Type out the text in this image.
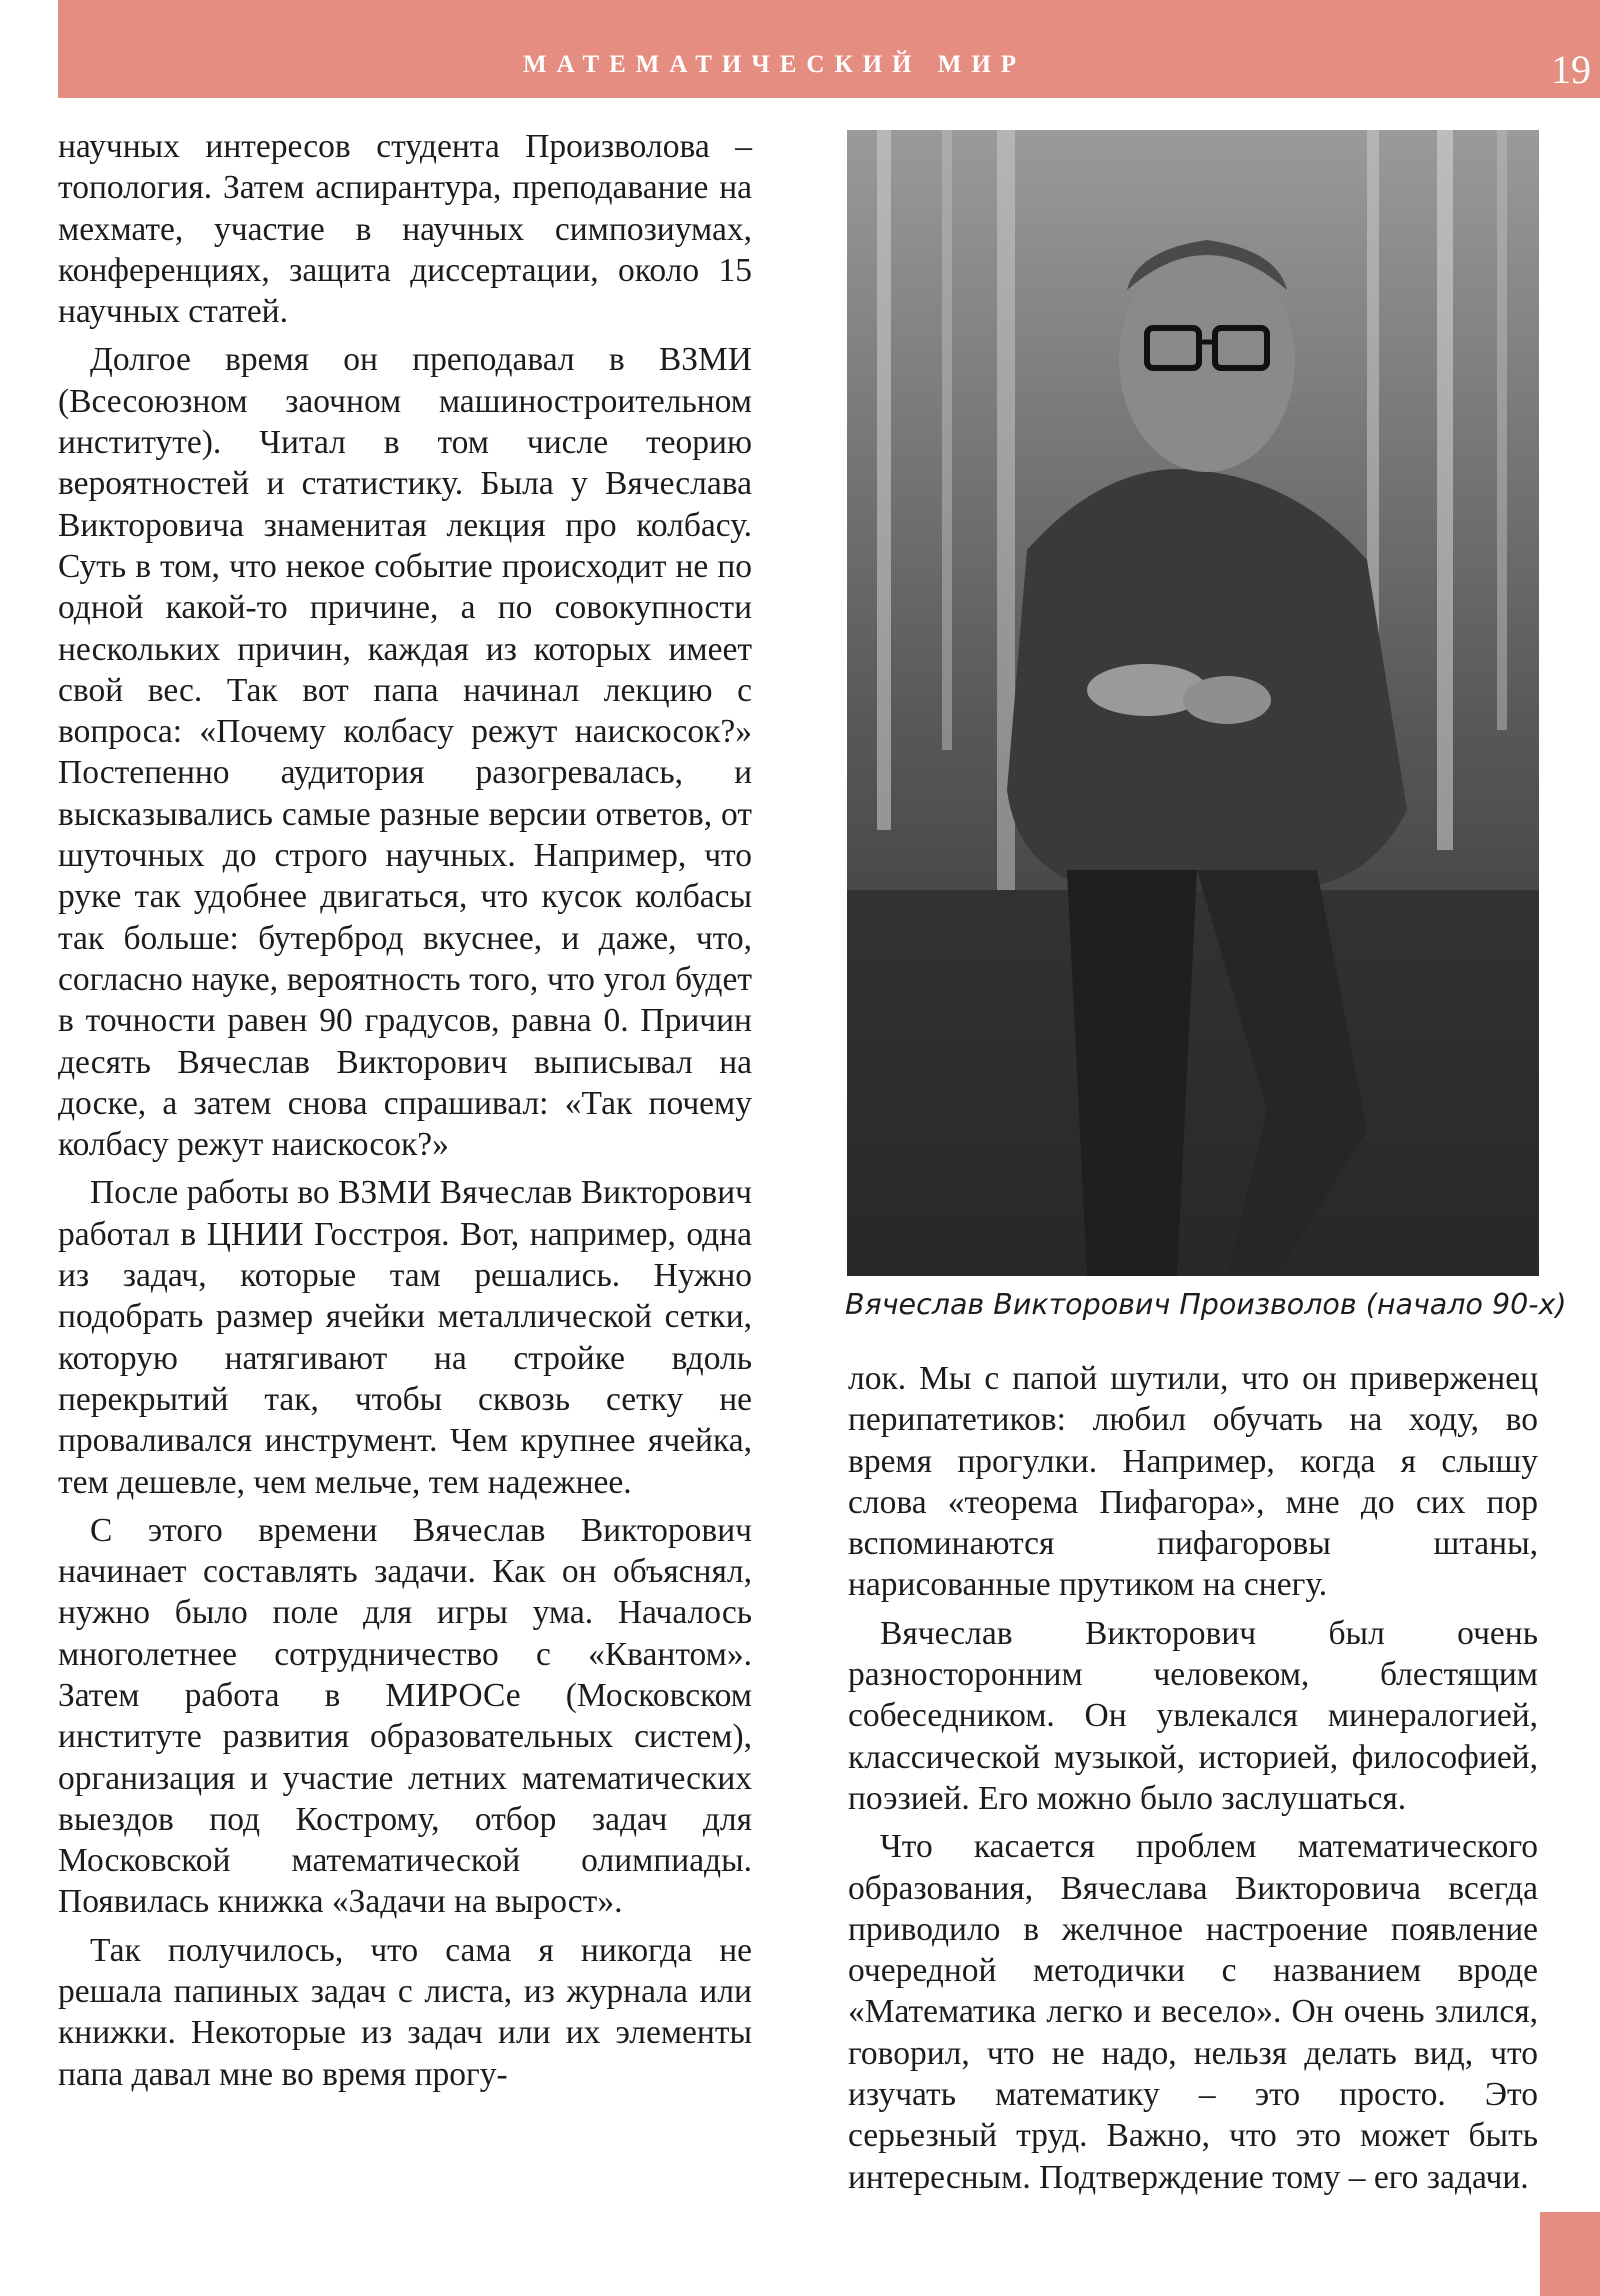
МАТЕМАТИЧЕСКИЙ МИР	19

научных интересов студента Произволова – топология. Затем аспирантура, преподавание на мехмате, участие в научных симпозиумах, конференциях, защита диссертации, около 15 научных статей.

Долгое время он преподавал в ВЗМИ (Всесоюзном заочном машиностроительном институте). Читал в том числе теорию вероятностей и статистику. Была у Вячеслава Викторовича знаменитая лекция про колбасу. Суть в том, что некое событие происходит не по одной какой-то причине, а по совокупности нескольких причин, каждая из которых имеет свой вес. Так вот папа начинал лекцию с вопроса: «Почему колбасу режут наискосок?» Постепенно аудитория разогревалась, и высказывались самые разные версии ответов, от шуточных до строго научных. Например, что руке так удобнее двигаться, что кусок колбасы так больше: бутерброд вкуснее, и даже, что, согласно науке, вероятность того, что угол будет в точности равен 90 градусов, равна 0. Причин десять Вячеслав Викторович выписывал на доске, а затем снова спрашивал: «Так почему колбасу режут наискосок?»

После работы во ВЗМИ Вячеслав Викторович работал в ЦНИИ Госстроя. Вот, например, одна из задач, которые там решались. Нужно подобрать размер ячейки металлической сетки, которую натягивают на стройке вдоль перекрытий так, чтобы сквозь сетку не проваливался инструмент. Чем крупнее ячейка, тем дешевле, чем мельче, тем надежнее.

С этого времени Вячеслав Викторович начинает составлять задачи. Как он объяснял, нужно было поле для игры ума. Началось многолетнее сотрудничество с «Квантом». Затем работа в МИРОСе (Московском институте развития образовательных систем), организация и участие летних математических выездов под Кострому, отбор задач для Московской математической олимпиады. Появилась книжка «Задачи на вырост».

Так получилось, что сама я никогда не решала папиных задач с листа, из журнала или книжки. Некоторые из задач или их элементы папа давал мне во время прогу-

Вячеслав Викторович Произволов (начало 90-х)

лок. Мы с папой шутили, что он приверженец перипатетиков: любил обучать на ходу, во время прогулки. Например, когда я слышу слова «теорема Пифагора», мне до сих пор вспоминаются пифагоровы штаны, нарисованные прутиком на снегу.

Вячеслав Викторович был очень разносторонним человеком, блестящим собеседником. Он увлекался минералогией, классической музыкой, историей, философией, поэзией. Его можно было заслушаться.

Что касается проблем математического образования, Вячеслава Викторовича всегда приводило в желчное настроение появление очередной методички с названием вроде «Математика легко и весело». Он очень злился, говорил, что не надо, нельзя делать вид, что изучать математику – это просто. Это серьезный труд. Важно, что это может быть интересным. Подтверждение тому – его задачи.
